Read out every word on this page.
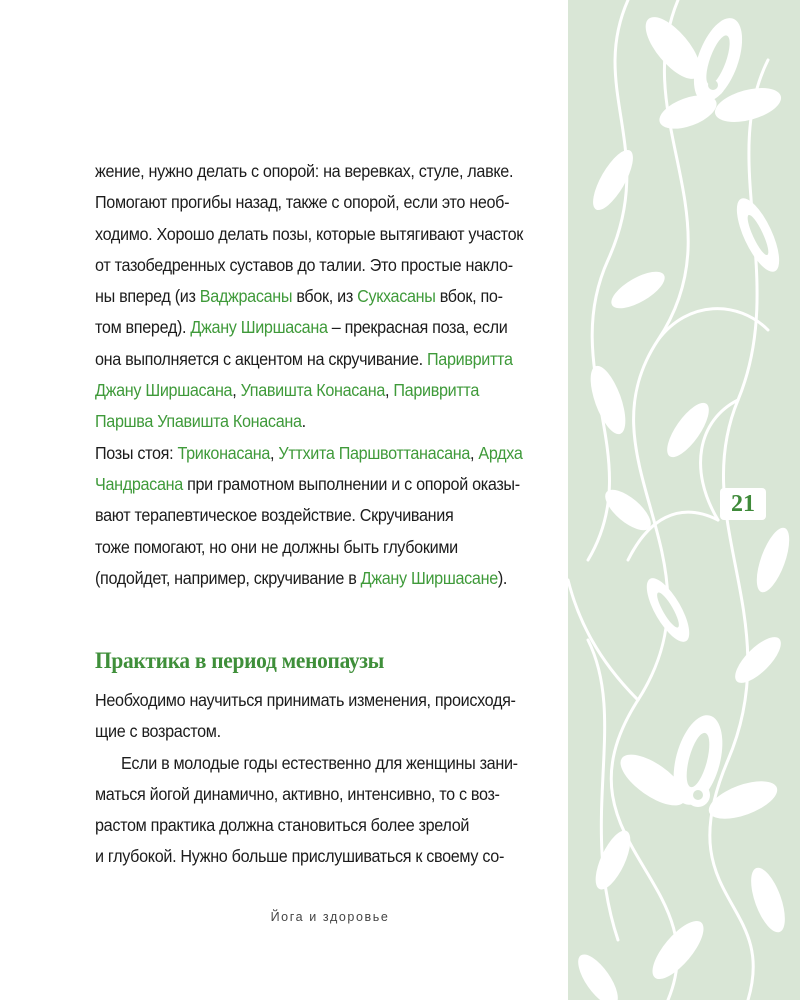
жение, нужно делать с опорой: на веревках, стуле, лавке.
Помогают прогибы назад, также с опорой, если это необ-
ходимо. Хорошо делать позы, которые вытягивают участок
от тазобедренных суставов до талии. Это простые накло-
ны вперед (из Ваджрасаны вбок, из Сукхасаны вбок, по-
том вперед). Джану Ширшасана – прекрасная поза, если
она выполняется с акцентом на скручивание. Паривритта
Джану Ширшасана, Упавишта Конасана, Паривритта
Паршва Упавишта Конасана.
Позы стоя: Триконасана, Уттхита Паршвоттанасана, Ардха
Чандрасана при грамотном выполнении и с опорой оказы-
вают терапевтическое воздействие. Скручивания
тоже помогают, но они не должны быть глубокими
(подойдет, например, скручивание в Джану Ширшасане).
Практика в период менопаузы
Необходимо научиться принимать изменения, происходя-
щие с возрастом.
Если в молодые годы естественно для женщины зани-
маться йогой динамично, активно, интенсивно, то с воз-
растом практика должна становиться более зрелой
и глубокой. Нужно больше прислушиваться к своему со-
Йога и здоровье
21
